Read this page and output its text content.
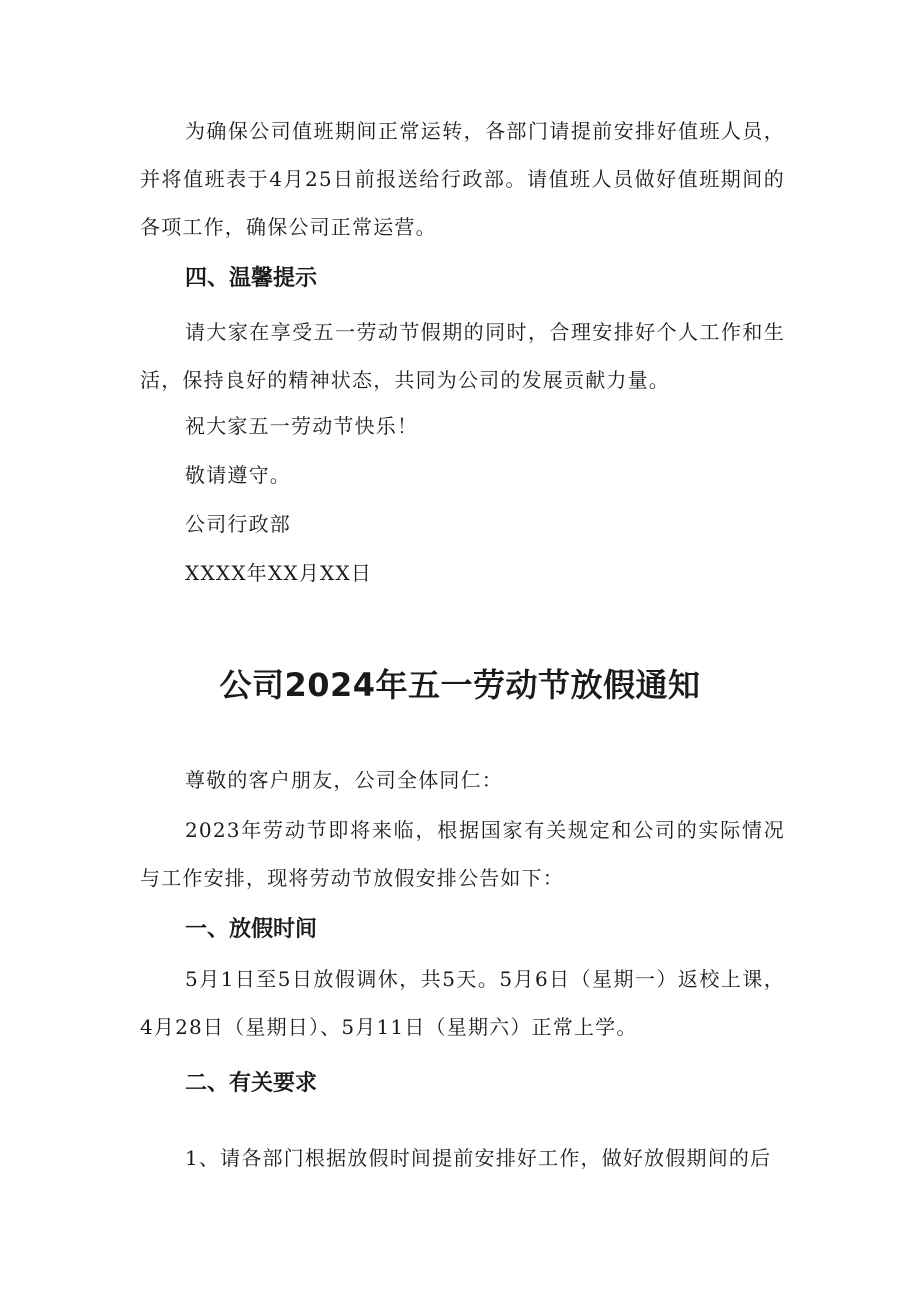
为确保公司值班期间正常运转，各部门请提前安排好值班人员，并将值班表于4月25日前报送给行政部。请值班人员做好值班期间的各项工作，确保公司正常运营。

四、温馨提示

请大家在享受五一劳动节假期的同时，合理安排好个人工作和生活，保持良好的精神状态，共同为公司的发展贡献力量。

祝大家五一劳动节快乐！

敬请遵守。

公司行政部

XXXX年XX月XX日

公司2024年五一劳动节放假通知

尊敬的客户朋友，公司全体同仁：

2023年劳动节即将来临，根据国家有关规定和公司的实际情况与工作安排，现将劳动节放假安排公告如下：

一、放假时间

5月1日至5日放假调休，共5天。5月6日（星期一）返校上课，4月28日（星期日）、5月11日（星期六）正常上学。

二、有关要求

1、请各部门根据放假时间提前安排好工作，做好放假期间的后
